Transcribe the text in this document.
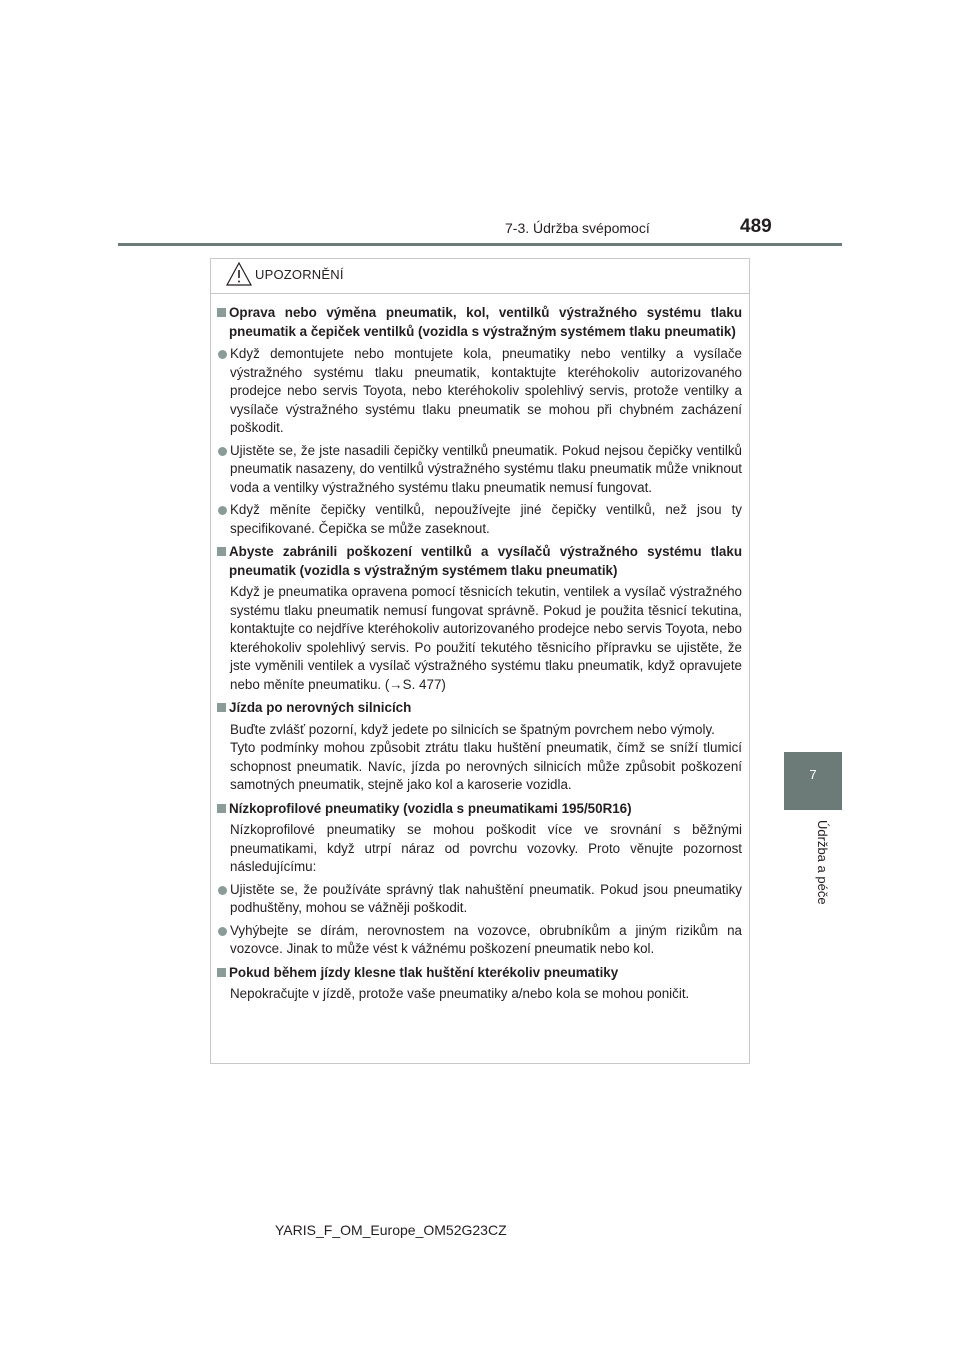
7-3. Údržba svépomocí	489
7
Údržba a péče
UPOZORNĚNÍ
Oprava nebo výměna pneumatik, kol, ventilků výstražného systému tlaku pneumatik a čepiček ventilků (vozidla s výstražným systémem tlaku pneumatik)
Když demontujete nebo montujete kola, pneumatiky nebo ventilky a vysílače výstražného systému tlaku pneumatik, kontaktujte kteréhokoliv autorizovaného prodejce nebo servis Toyota, nebo kteréhokoliv spolehlivý servis, protože ventilky a vysílače výstražného systému tlaku pneumatik se mohou při chybném zacházení poškodit.
Ujistěte se, že jste nasadili čepičky ventilků pneumatik. Pokud nejsou čepičky ventilků pneumatik nasazeny, do ventilků výstražného systému tlaku pneumatik může vniknout voda a ventilky výstražného systému tlaku pneumatik nemusí fungovat.
Když měníte čepičky ventilků, nepoužívejte jiné čepičky ventilků, než jsou ty specifikované. Čepička se může zaseknout.
Abyste zabránili poškození ventilků a vysílačů výstražného systému tlaku pneumatik (vozidla s výstražným systémem tlaku pneumatik)
Když je pneumatika opravena pomocí těsnicích tekutin, ventilek a vysílač výstražného systému tlaku pneumatik nemusí fungovat správně. Pokud je použita těsnicí tekutina, kontaktujte co nejdříve kteréhokoliv autorizovaného prodejce nebo servis Toyota, nebo kteréhokoliv spolehlivý servis. Po použití tekutého těsnicího přípravku se ujistěte, že jste vyměnili ventilek a vysílač výstražného systému tlaku pneumatik, když opravujete nebo měníte pneumatiku. (→S. 477)
Jízda po nerovných silnicích
Buďte zvlášť pozorní, když jedete po silnicích se špatným povrchem nebo výmoly.
Tyto podmínky mohou způsobit ztrátu tlaku huštění pneumatik, čímž se sníží tlumicí schopnost pneumatik. Navíc, jízda po nerovných silnicích může způsobit poškození samotných pneumatik, stejně jako kol a karoserie vozidla.
Nízkoprofilové pneumatiky (vozidla s pneumatikami 195/50R16)
Nízkoprofilové pneumatiky se mohou poškodit více ve srovnání s běžnými pneumatikami, když utrpí náraz od povrchu vozovky. Proto věnujte pozornost následujícímu:
Ujistěte se, že používáte správný tlak nahuštění pneumatik. Pokud jsou pneumatiky podhuštěny, mohou se vážněji poškodit.
Vyhýbejte se dírám, nerovnostem na vozovce, obrubníkům a jiným rizikům na vozovce. Jinak to může vést k vážnému poškození pneumatik nebo kol.
Pokud během jízdy klesne tlak huštění kterékoliv pneumatiky
Nepokračujte v jízdě, protože vaše pneumatiky a/nebo kola se mohou poničit.
YARIS_F_OM_Europe_OM52G23CZ
